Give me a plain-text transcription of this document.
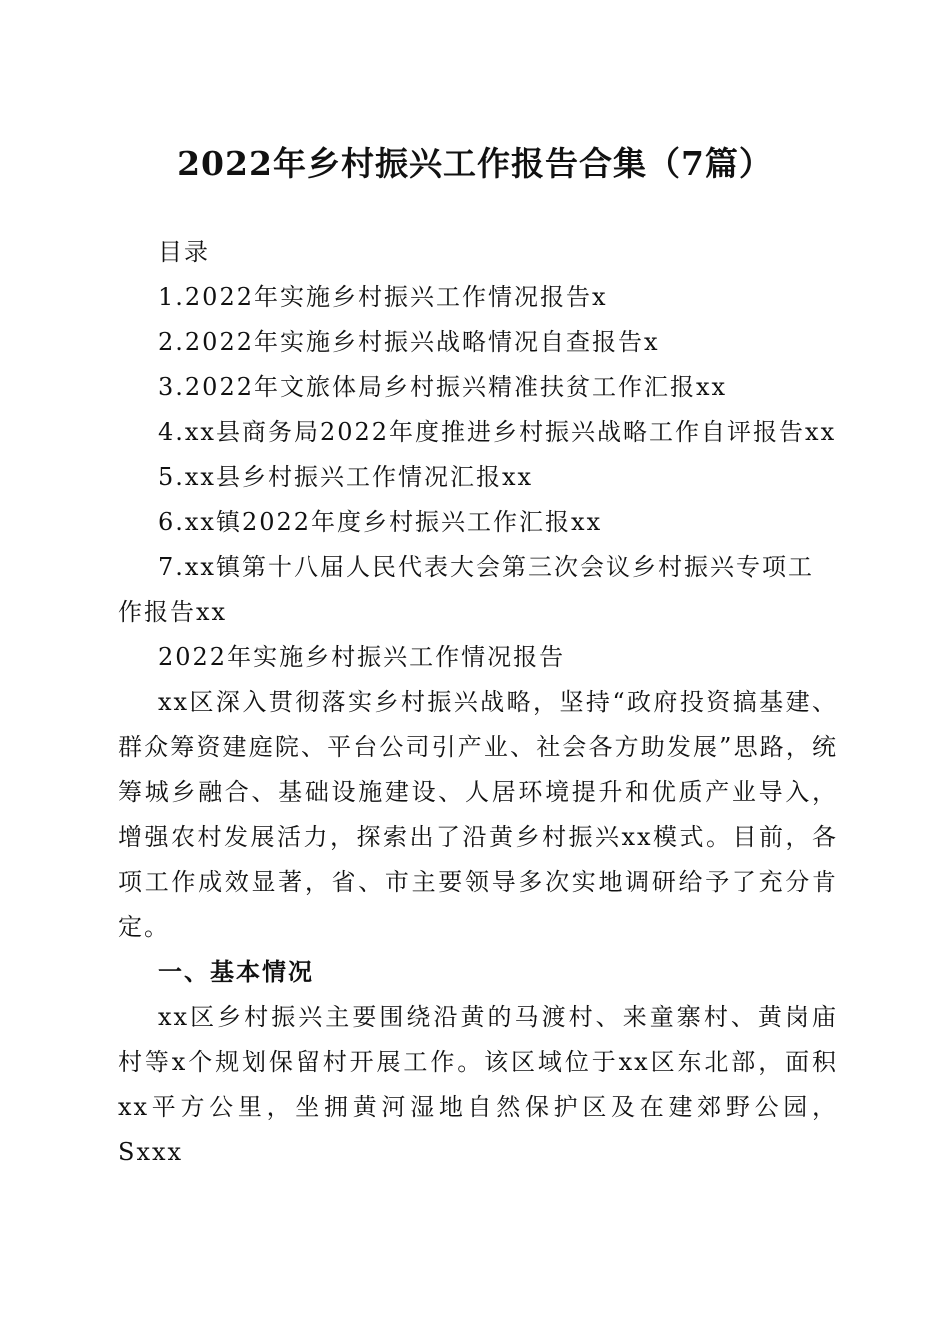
2022年乡村振兴工作报告合集（7篇）

目录

1.2022年实施乡村振兴工作情况报告x

2.2022年实施乡村振兴战略情况自查报告x

3.2022年文旅体局乡村振兴精准扶贫工作汇报xx

4.xx县商务局2022年度推进乡村振兴战略工作自评报告xx

5.xx县乡村振兴工作情况汇报xx

6.xx镇2022年度乡村振兴工作汇报xx

7.xx镇第十八届人民代表大会第三次会议乡村振兴专项工
作报告xx

2022年实施乡村振兴工作情况报告

xx区深入贯彻落实乡村振兴战略，坚持“政府投资搞基建、群众筹资建庭院、平台公司引产业、社会各方助发展”思路，统筹城乡融合、基础设施建设、人居环境提升和优质产业导入，增强农村发展活力，探索出了沿黄乡村振兴xx模式。目前，各项工作成效显著，省、市主要领导多次实地调研给予了充分肯定。

一、基本情况

xx区乡村振兴主要围绕沿黄的马渡村、来童寨村、黄岗庙村等x个规划保留村开展工作。该区域位于xx区东北部，面积xx平方公里，坐拥黄河湿地自然保护区及在建郊野公园，Sxxx
